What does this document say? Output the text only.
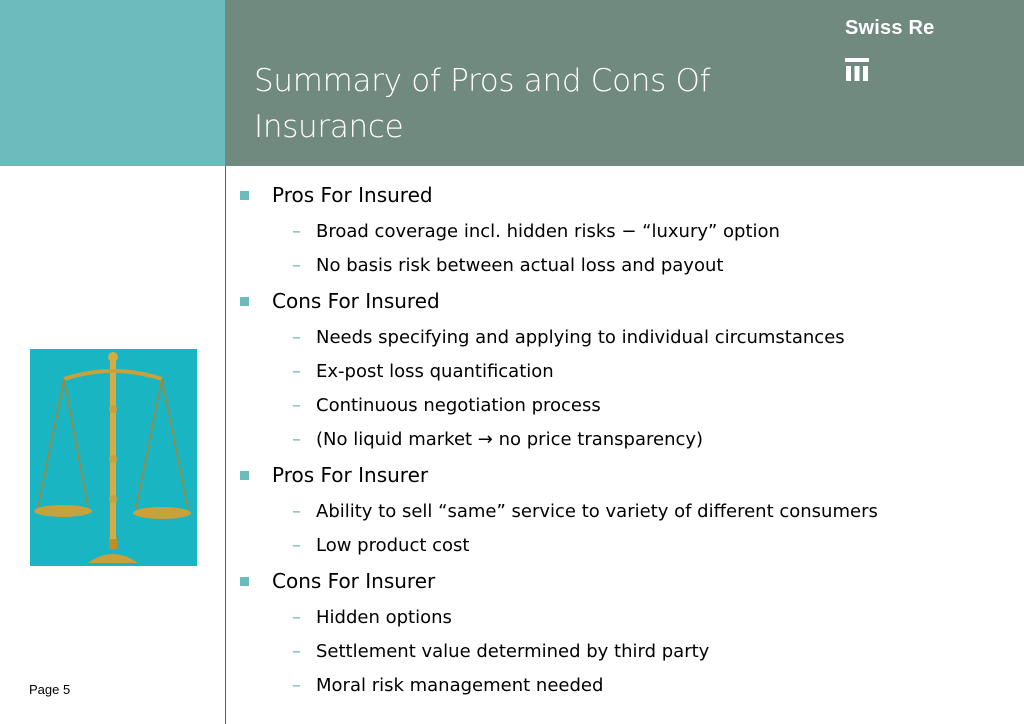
Summary of Pros and Cons Of Insurance
Swiss Re
Page 5
Pros For Insured
– Broad coverage incl. hidden risks − “luxury” option
– No basis risk between actual loss and payout
Cons For Insured
– Needs specifying and applying to individual circumstances
– Ex-post loss quantification
– Continuous negotiation process
– (No liquid market → no price transparency)
Pros For Insurer
– Ability to sell “same” service to variety of different consumers
– Low product cost
Cons For Insurer
– Hidden options
– Settlement value determined by third party
– Moral risk management needed
